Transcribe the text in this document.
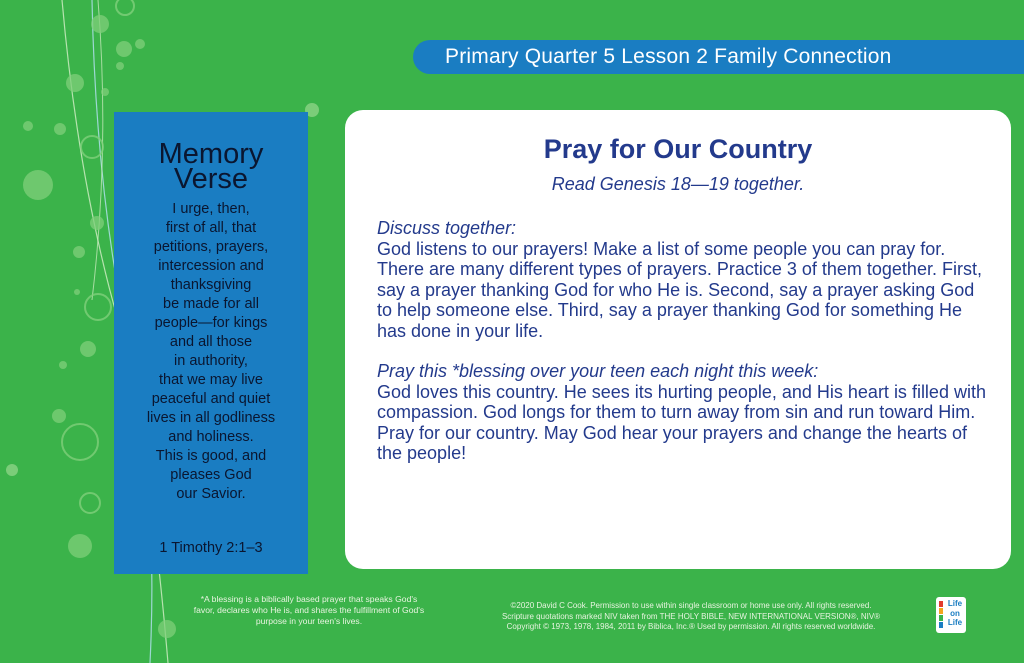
Primary Quarter 5 Lesson 2 Family Connection
Memory
Verse
I urge, then,
first of all, that
petitions, prayers,
intercession and
thanksgiving
be made for all
people—for kings
and all those
in authority,
that we may live
peaceful and quiet
lives in all godliness
and holiness.
This is good, and
pleases God
our Savior.
1 Timothy 2:1–3
Pray for Our Country
Read Genesis 18—19 together.
Discuss together:

God listens to our prayers! Make a list of some people you can pray for.

There are many different types of prayers. Practice 3 of them together. First, say a prayer thanking God for who He is. Second, say a prayer asking God to help someone else. Third, say a prayer thanking God for something He has done in your life.

Pray this *blessing over your teen each night this week:

God loves this country. He sees its hurting people, and His heart is filled with compassion. God longs for them to turn away from sin and run toward Him. Pray for our country. May God hear your prayers and change the hearts of the people!

*A blessing is a biblically based prayer that speaks God's favor, declares who He is, and shares the fulfillment of God's purpose in your teen's lives.
©2020 David C Cook. Permission to use within single classroom or home use only. All rights reserved.
Scripture quotations marked NIV taken from THE HOLY BIBLE, NEW INTERNATIONAL VERSION®, NIV®
Copyright © 1973, 1978, 1984, 2011 by Biblica, Inc.® Used by permission. All rights reserved worldwide.
Life
on
Life
